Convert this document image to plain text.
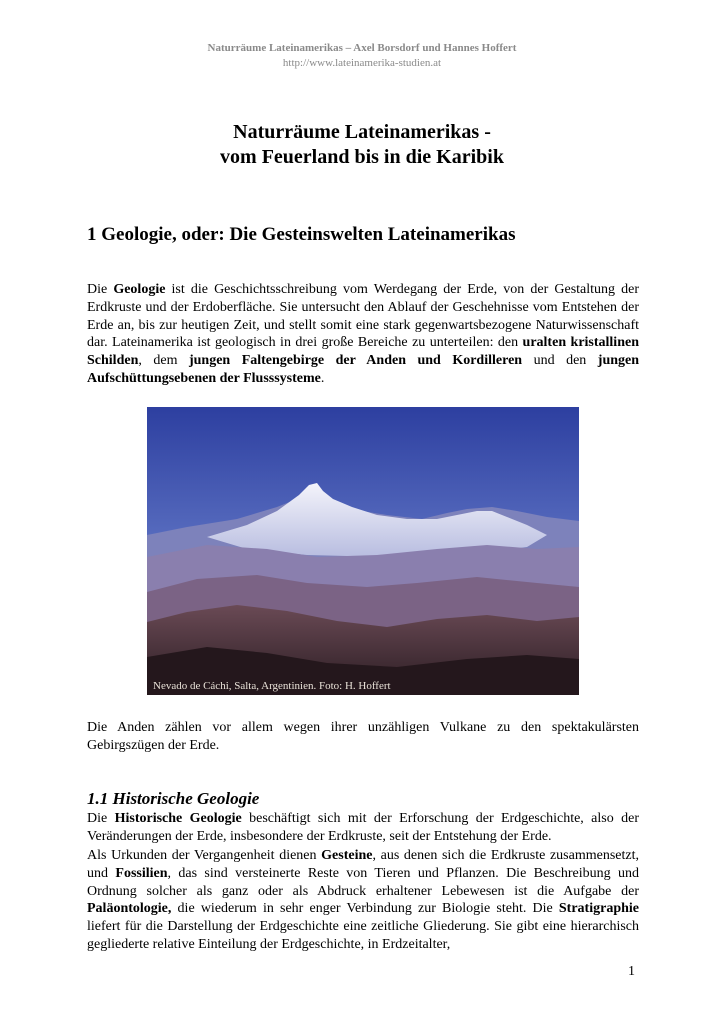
Naturräume Lateinamerikas – Axel Borsdorf und Hannes Hoffert
http://www.lateinamerika-studien.at
Naturräume Lateinamerikas -
vom Feuerland bis in die Karibik
1 Geologie, oder: Die Gesteinswelten Lateinamerikas
Die Geologie ist die Geschichtsschreibung vom Werdegang der Erde, von der Gestaltung der Erdkruste und der Erdoberfläche. Sie untersucht den Ablauf der Geschehnisse vom Entstehen der Erde an, bis zur heutigen Zeit, und stellt somit eine stark gegenwartsbezogene Naturwissenschaft dar. Lateinamerika ist geologisch in drei große Bereiche zu unterteilen: den uralten kristallinen Schilden, dem jungen Faltengebirge der Anden und Kordilleren und den jungen Aufschüttungsebenen der Flusssysteme.
Nevado de Cáchi, Salta, Argentinien. Foto: H. Hoffert
Die Anden zählen vor allem wegen ihrer unzähligen Vulkane zu den spektakulärsten Gebirgszügen der Erde.
1.1 Historische Geologie
Die Historische Geologie beschäftigt sich mit der Erforschung der Erdgeschichte, also der Veränderungen der Erde, insbesondere der Erdkruste, seit der Entstehung der Erde.
Als Urkunden der Vergangenheit dienen Gesteine, aus denen sich die Erdkruste zusammensetzt, und Fossilien, das sind versteinerte Reste von Tieren und Pflanzen. Die Beschreibung und Ordnung solcher als ganz oder als Abdruck erhaltener Lebewesen ist die Aufgabe der Paläontologie, die wiederum in sehr enger Verbindung zur Biologie steht. Die Stratigraphie liefert für die Darstellung der Erdgeschichte eine zeitliche Gliederung. Sie gibt eine hierarchisch gegliederte relative Einteilung der Erdgeschichte, in Erdzeitalter,
1
